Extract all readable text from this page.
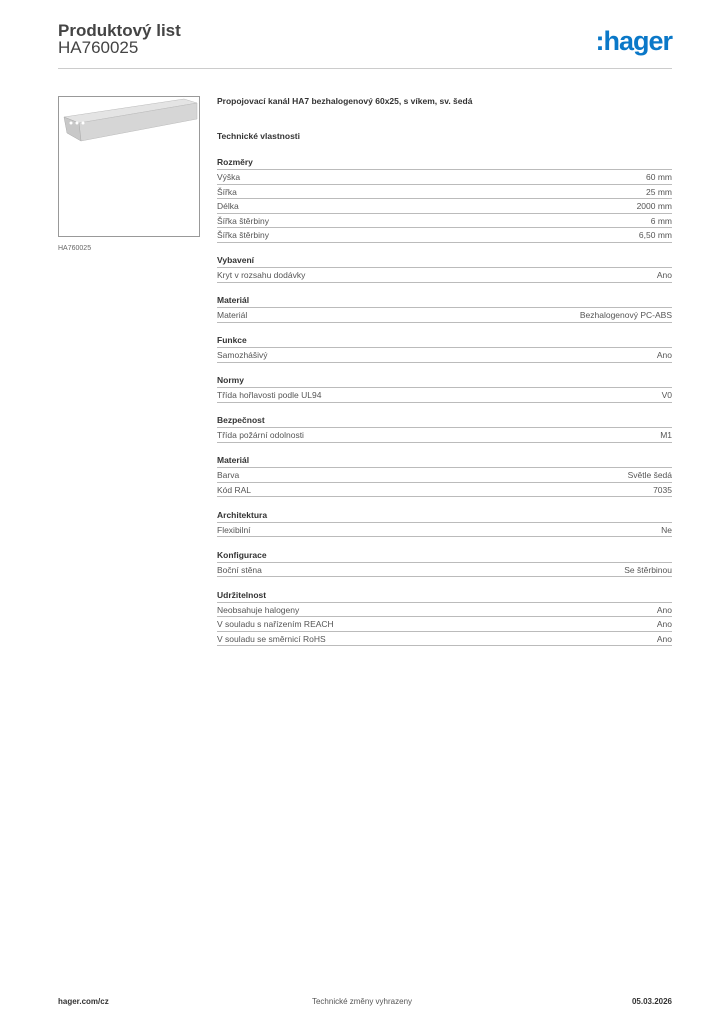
Produktový list
HA760025	:hager
HA760025
Propojovací kanál HA7 bezhalogenový 60x25, s víkem, sv. šedá
Technické vlastnosti
Rozměry
Výška	60 mm
Šířka	25 mm
Délka	2000 mm
Šířka štěrbiny	6 mm
Šířka štěrbiny	6,50 mm
Vybavení
Kryt v rozsahu dodávky	Ano
Materiál
Materiál	Bezhalogenový PC-ABS
Funkce
Samozhášivý	Ano
Normy
Třída hořlavosti podle UL94	V0
Bezpečnost
Třída požární odolnosti	M1
Materiál
Barva	Světle šedá
Kód RAL	7035
Architektura
Flexibilní	Ne
Konfigurace
Boční stěna	Se štěrbinou
Udržitelnost
Neobsahuje halogeny	Ano
V souladu s nařízením REACH	Ano
V souladu se směrnicí RoHS	Ano
hager.com/cz	Technické změny vyhrazeny	05.03.2026
